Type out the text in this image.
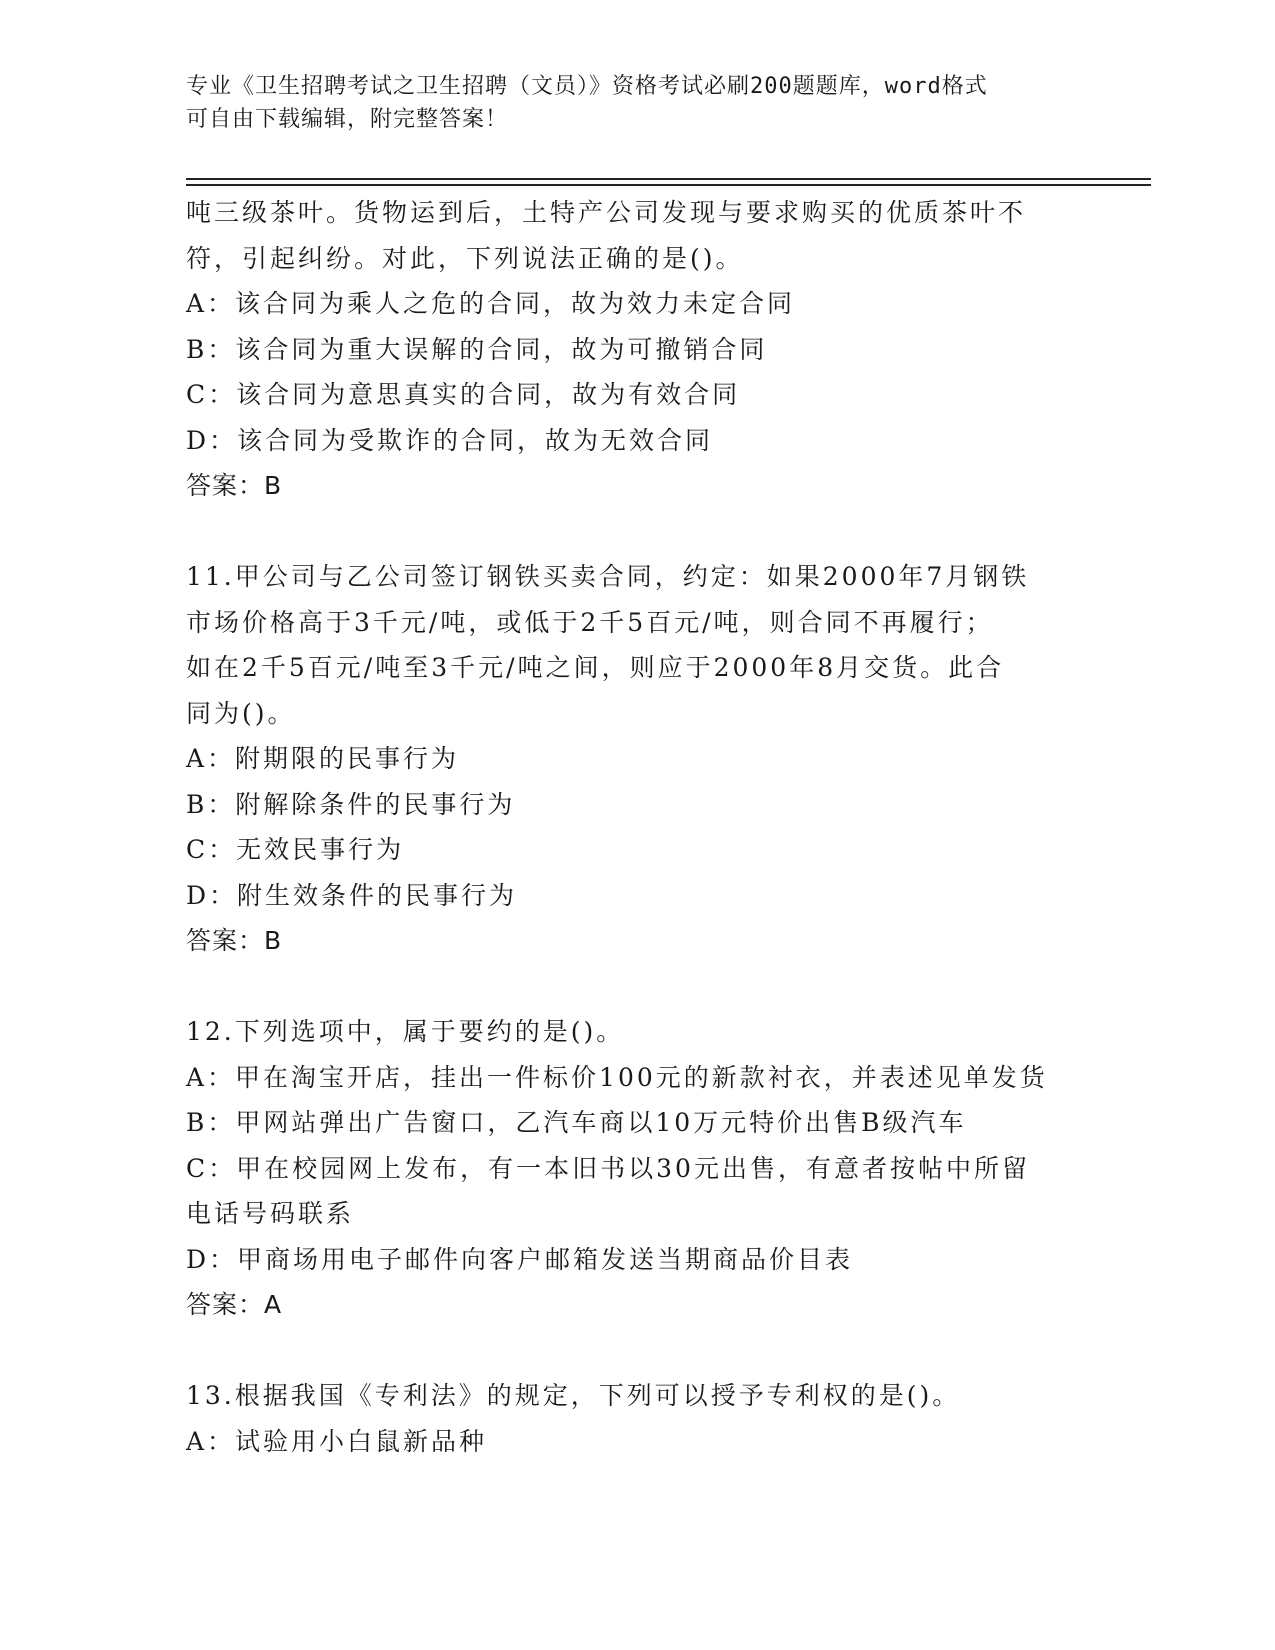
专业《卫生招聘考试之卫生招聘（文员）》资格考试必刷200题题库，word格式
可自由下载编辑，附完整答案！
吨三级茶叶。货物运到后，土特产公司发现与要求购买的优质茶叶不
符，引起纠纷。对此，下列说法正确的是()。
A：该合同为乘人之危的合同，故为效力未定合同
B：该合同为重大误解的合同，故为可撤销合同
C：该合同为意思真实的合同，故为有效合同
D：该合同为受欺诈的合同，故为无效合同
答案：B
11.甲公司与乙公司签订钢铁买卖合同，约定：如果2000年7月钢铁
市场价格高于3千元/吨，或低于2千5百元/吨，则合同不再履行；
如在2千5百元/吨至3千元/吨之间，则应于2000年8月交货。此合
同为()。
A：附期限的民事行为
B：附解除条件的民事行为
C：无效民事行为
D：附生效条件的民事行为
答案：B
12.下列选项中，属于要约的是()。
A：甲在淘宝开店，挂出一件标价100元的新款衬衣，并表述见单发货
B：甲网站弹出广告窗口，乙汽车商以10万元特价出售B级汽车
C：甲在校园网上发布，有一本旧书以30元出售，有意者按帖中所留
电话号码联系
D：甲商场用电子邮件向客户邮箱发送当期商品价目表
答案：A
13.根据我国《专利法》的规定，下列可以授予专利权的是()。
A：试验用小白鼠新品种
